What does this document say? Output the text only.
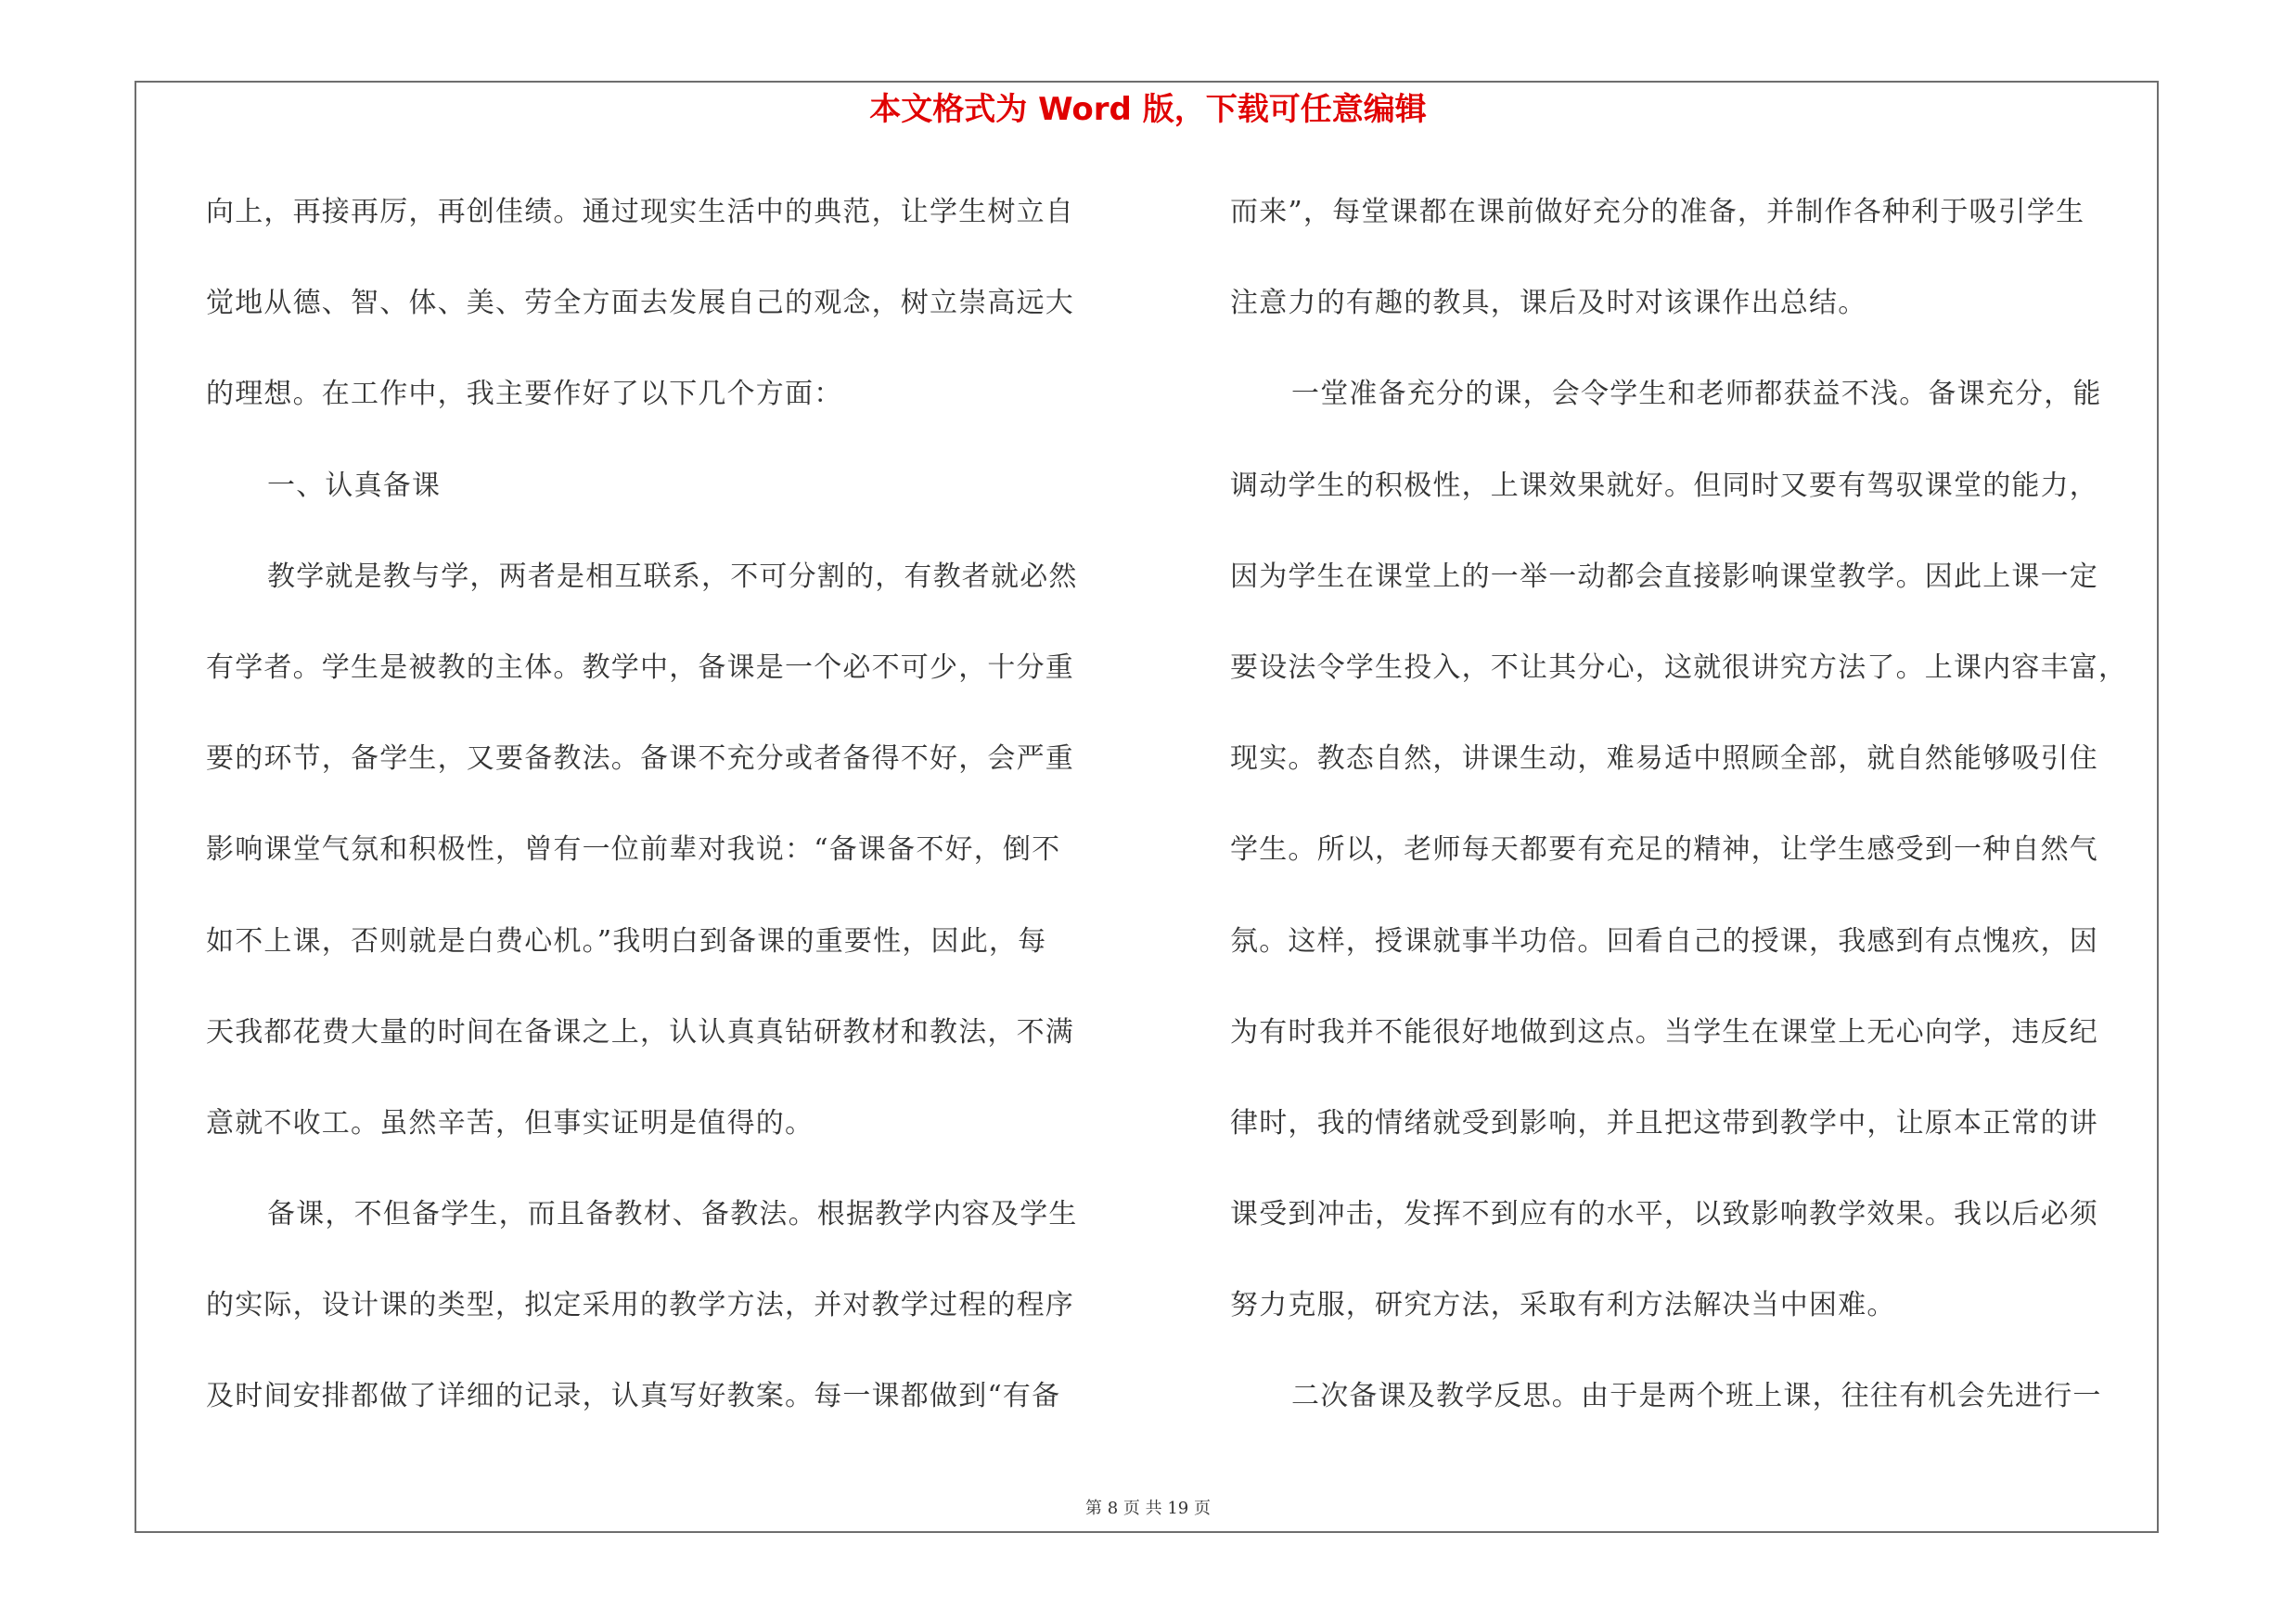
本文格式为 Word 版，下载可任意编辑
向上，再接再厉，再创佳绩。通过现实生活中的典范，让学生树立自
觉地从德、智、体、美、劳全方面去发展自己的观念，树立崇高远大
的理想。在工作中，我主要作好了以下几个方面：
一、认真备课
教学就是教与学，两者是相互联系，不可分割的，有教者就必然
有学者。学生是被教的主体。教学中，备课是一个必不可少，十分重
要的环节，备学生，又要备教法。备课不充分或者备得不好，会严重
影响课堂气氛和积极性，曾有一位前辈对我说：“备课备不好，倒不
如不上课，否则就是白费心机。”我明白到备课的重要性，因此，每
天我都花费大量的时间在备课之上，认认真真钻研教材和教法，不满
意就不收工。虽然辛苦，但事实证明是值得的。
备课，不但备学生，而且备教材、备教法。根据教学内容及学生
的实际，设计课的类型，拟定采用的教学方法，并对教学过程的程序
及时间安排都做了详细的记录，认真写好教案。每一课都做到“有备
而来”，每堂课都在课前做好充分的准备，并制作各种利于吸引学生
注意力的有趣的教具，课后及时对该课作出总结。
一堂准备充分的课，会令学生和老师都获益不浅。备课充分，能
调动学生的积极性，上课效果就好。但同时又要有驾驭课堂的能力，
因为学生在课堂上的一举一动都会直接影响课堂教学。因此上课一定
要设法令学生投入，不让其分心，这就很讲究方法了。上课内容丰富，
现实。教态自然，讲课生动，难易适中照顾全部，就自然能够吸引住
学生。所以，老师每天都要有充足的精神，让学生感受到一种自然气
氛。这样，授课就事半功倍。回看自己的授课，我感到有点愧疚，因
为有时我并不能很好地做到这点。当学生在课堂上无心向学，违反纪
律时，我的情绪就受到影响，并且把这带到教学中，让原本正常的讲
课受到冲击，发挥不到应有的水平，以致影响教学效果。我以后必须
努力克服，研究方法，采取有利方法解决当中困难。
二次备课及教学反思。由于是两个班上课，往往有机会先进行一
第 8 页 共 19 页
